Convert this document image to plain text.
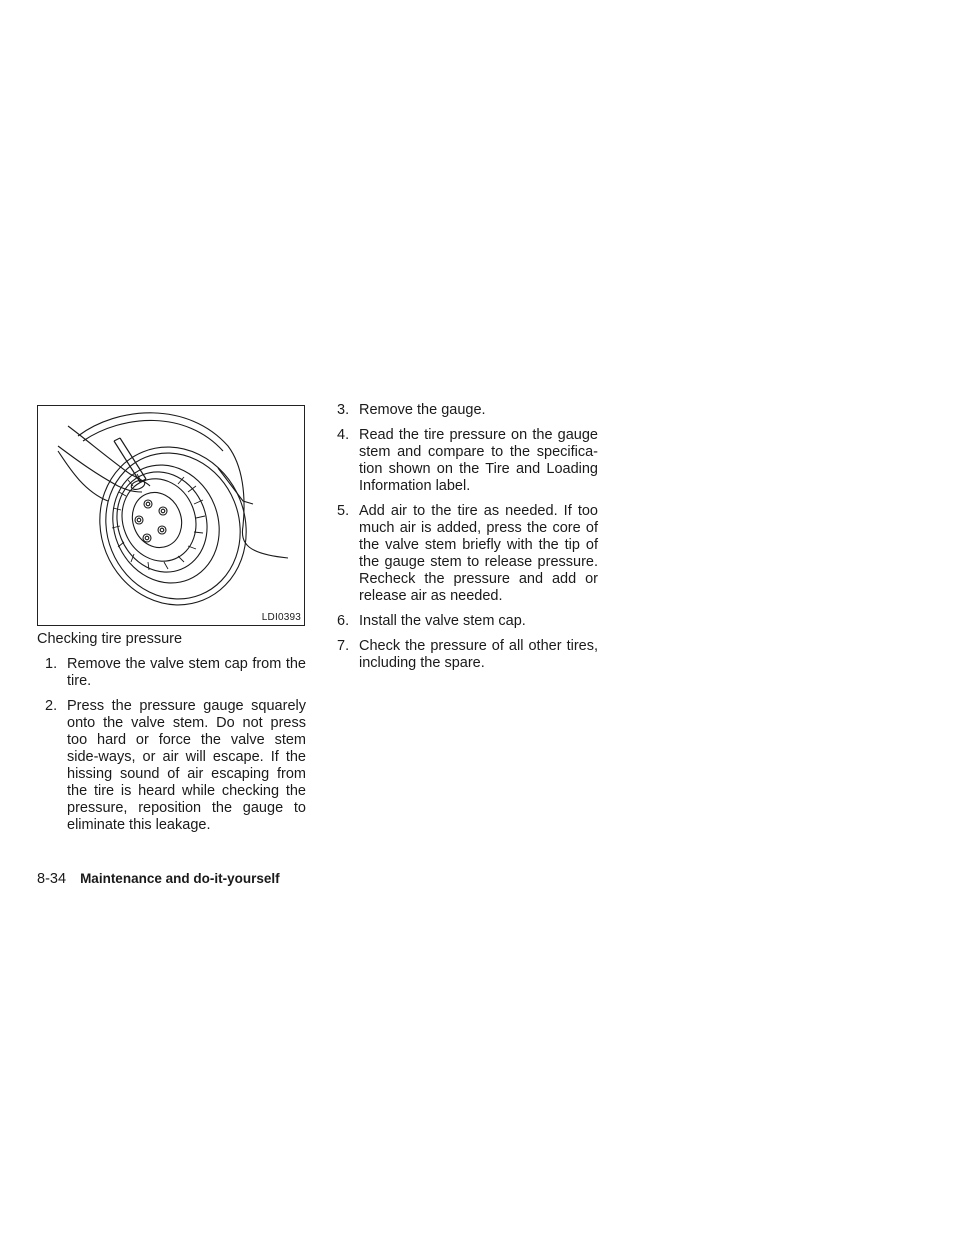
LDI0393
Checking tire pressure
1. Remove the valve stem cap from the tire.
2. Press the pressure gauge squarely onto the valve stem. Do not press too hard or force the valve stem side-ways, or air will escape. If the hissing sound of air escaping from the tire is heard while checking the pressure, reposition the gauge to eliminate this leakage.
3. Remove the gauge.
4. Read the tire pressure on the gauge stem and compare to the specifica-tion shown on the Tire and Loading Information label.
5. Add air to the tire as needed. If too much air is added, press the core of the valve stem briefly with the tip of the gauge stem to release pressure. Recheck the pressure and add or release air as needed.
6. Install the valve stem cap.
7. Check the pressure of all other tires, including the spare.
8-34 Maintenance and do-it-yourself
